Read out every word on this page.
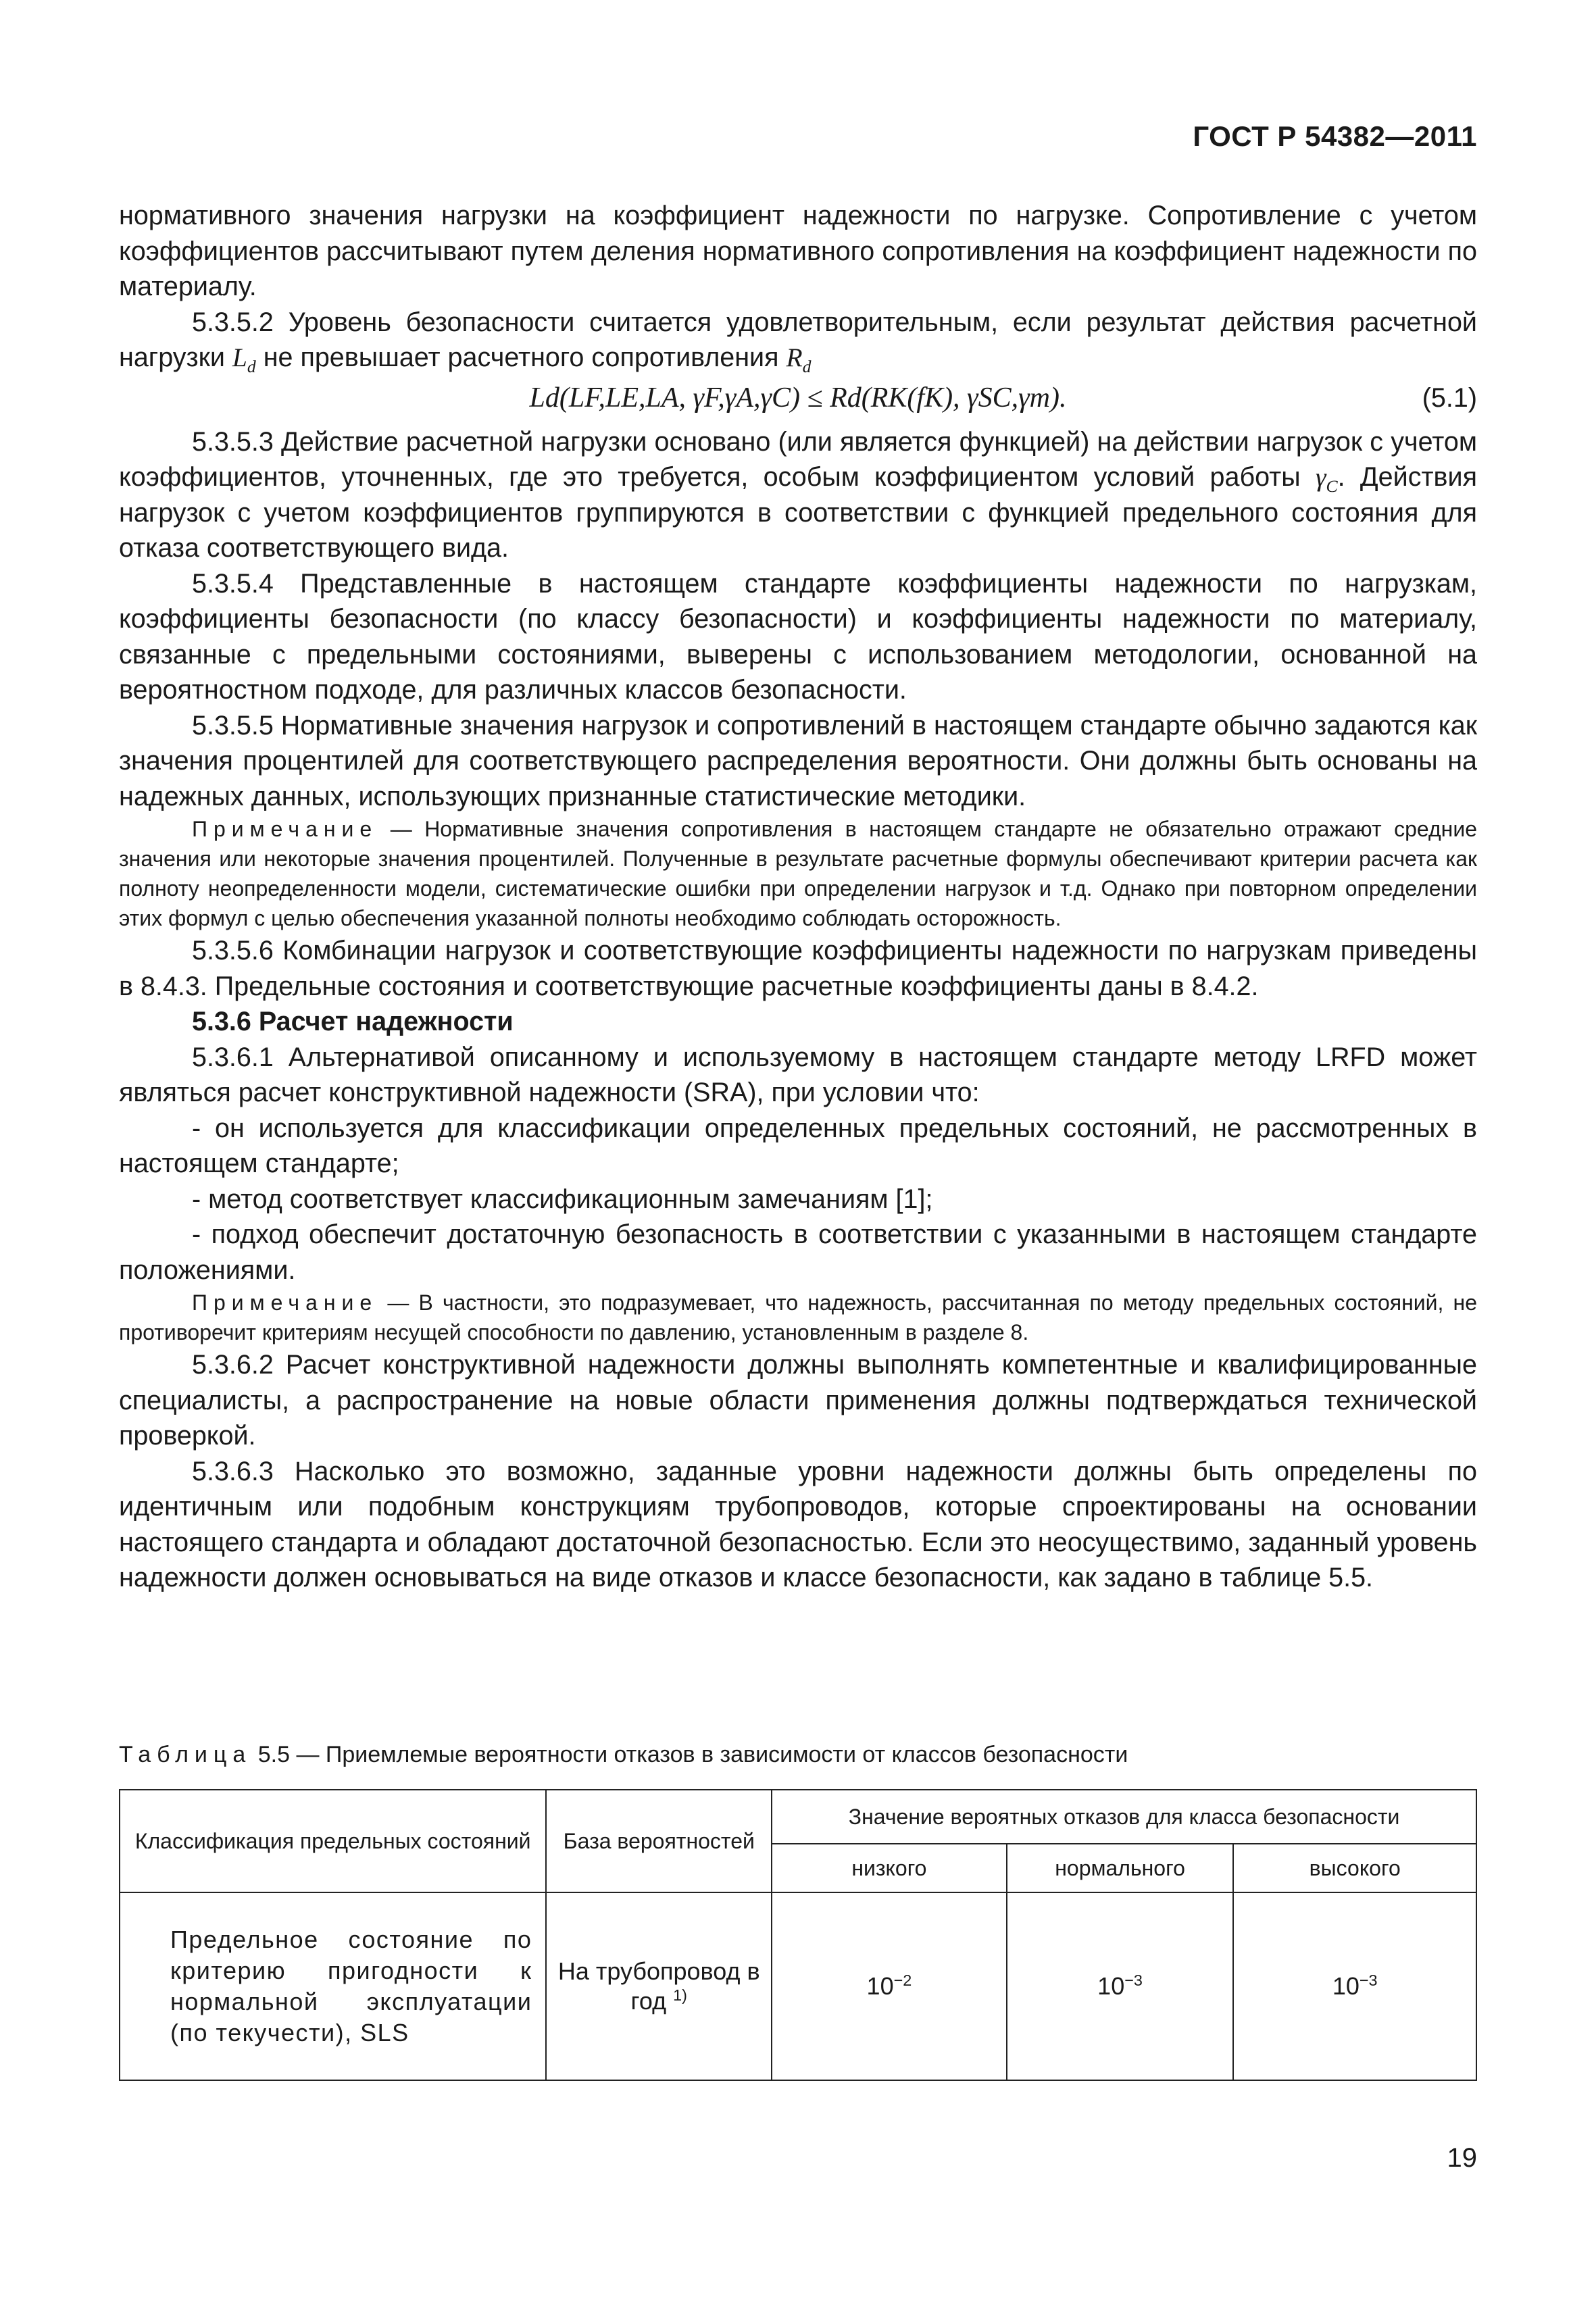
ГОСТ Р 54382—2011

нормативного значения нагрузки на коэффициент надежности по нагрузке. Сопротивление с учетом коэффициентов рассчитывают путем деления нормативного сопротивления на коэффициент надежности по материалу.

5.3.5.2 Уровень безопасности считается удовлетворительным, если результат действия расчетной нагрузки $L_d$ не превышает расчетного сопротивления $R_d$

Ld(LF,LE,LA, γF,γA,γC) ≤ Rd(RK(fK), γSC,γm).	(5.1)

5.3.5.3 Действие расчетной нагрузки основано (или является функцией) на действии нагрузок с учетом коэффициентов, уточненных, где это требуется, особым коэффициентом условий работы $\gamma_C$. Действия нагрузок с учетом коэффициентов группируются в соответствии с функцией предельного состояния для отказа соответствующего вида.

5.3.5.4 Представленные в настоящем стандарте коэффициенты надежности по нагрузкам, коэффициенты безопасности (по классу безопасности) и коэффициенты надежности по материалу, связанные с предельными состояниями, выверены с использованием методологии, основанной на вероятностном подходе, для различных классов безопасности.

5.3.5.5 Нормативные значения нагрузок и сопротивлений в настоящем стандарте обычно задаются как значения процентилей для соответствующего распределения вероятности. Они должны быть основаны на надежных данных, использующих признанные статистические методики.

Примечание — Нормативные значения сопротивления в настоящем стандарте не обязательно отражают средние значения или некоторые значения процентилей. Полученные в результате расчетные формулы обеспечивают критерии расчета как полноту неопределенности модели, систематические ошибки при определении нагрузок и т.д. Однако при повторном определении этих формул с целью обеспечения указанной полноты необходимо соблюдать осторожность.

5.3.5.6 Комбинации нагрузок и соответствующие коэффициенты надежности по нагрузкам приведены в 8.4.3. Предельные состояния и соответствующие расчетные коэффициенты даны в 8.4.2.

5.3.6 Расчет надежности

5.3.6.1 Альтернативой описанному и используемому в настоящем стандарте методу LRFD может являться расчет конструктивной надежности (SRA), при условии что:

- он используется для классификации определенных предельных состояний, не рассмотренных в настоящем стандарте;

- метод соответствует классификационным замечаниям [1];

- подход обеспечит достаточную безопасность в соответствии с указанными в настоящем стандарте положениями.

Примечание — В частности, это подразумевает, что надежность, рассчитанная по методу предельных состояний, не противоречит критериям несущей способности по давлению, установленным в разделе 8.

5.3.6.2 Расчет конструктивной надежности должны выполнять компетентные и квалифицированные специалисты, а распространение на новые области применения должны подтверждаться технической проверкой.

5.3.6.3 Насколько это возможно, заданные уровни надежности должны быть определены по идентичным или подобным конструкциям трубопроводов, которые спроектированы на основании настоящего стандарта и обладают достаточной безопасностью. Если это неосуществимо, заданный уровень надежности должен основываться на виде отказов и классе безопасности, как задано в таблице 5.5.

Таблица 5.5 — Приемлемые вероятности отказов в зависимости от классов безопасности
Классификация предельных состояний	База вероятностей	Значение вероятных отказов для класса безопасности		
		низкого	нормального	высокого
Предельное состояние по критерию пригодности к нормальной эксплуатации (по текучести), SLS	На трубопровод в год $^{1)}$	$10^{-2}$	$10^{-3}$	$10^{-3}$
19
